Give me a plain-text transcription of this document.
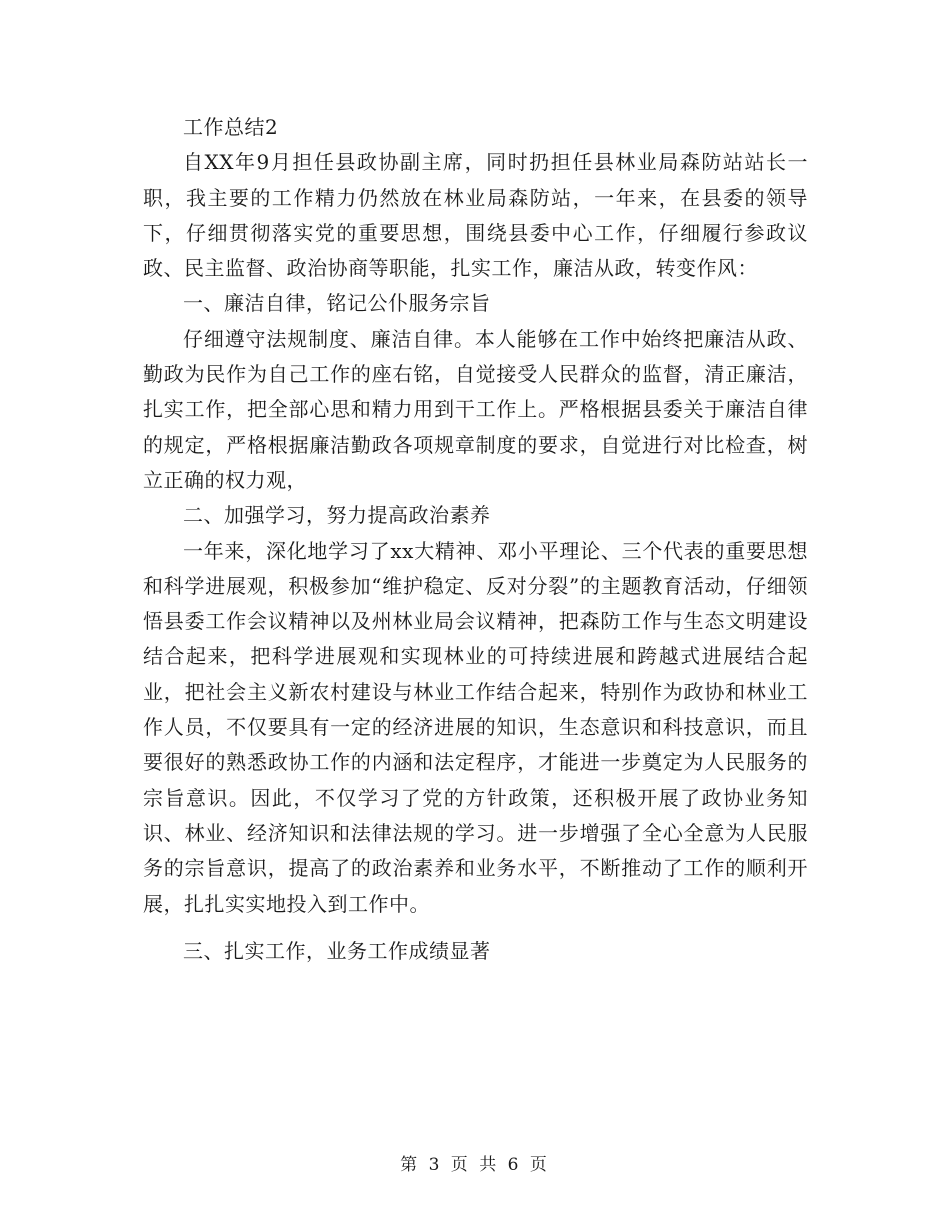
工作总结2

自XX年9月担任县政协副主席，同时扔担任县林业局森防站站长一职，我主要的工作精力仍然放在林业局森防站，一年来，在县委的领导下，仔细贯彻落实党的重要思想，围绕县委中心工作，仔细履行参政议政、民主监督、政治协商等职能，扎实工作，廉洁从政，转变作风：

一、廉洁自律，铭记公仆服务宗旨

仔细遵守法规制度、廉洁自律。本人能够在工作中始终把廉洁从政、勤政为民作为自己工作的座右铭，自觉接受人民群众的监督，清正廉洁，扎实工作，把全部心思和精力用到干工作上。严格根据县委关于廉洁自律的规定，严格根据廉洁勤政各项规章制度的要求，自觉进行对比检查，树立正确的权力观，

二、加强学习，努力提高政治素养

一年来，深化地学习了xx大精神、邓小平理论、三个代表的重要思想和科学进展观，积极参加“维护稳定、反对分裂”的主题教育活动，仔细领悟县委工作会议精神以及州林业局会议精神，把森防工作与生态文明建设结合起来，把科学进展观和实现林业的可持续进展和跨越式进展结合起业，把社会主义新农村建设与林业工作结合起来，特别作为政协和林业工作人员，不仅要具有一定的经济进展的知识，生态意识和科技意识，而且要很好的熟悉政协工作的内涵和法定程序，才能进一步奠定为人民服务的宗旨意识。因此，不仅学习了党的方针政策，还积极开展了政协业务知识、林业、经济知识和法律法规的学习。进一步增强了全心全意为人民服务的宗旨意识，提高了的政治素养和业务水平，不断推动了工作的顺利开展，扎扎实实地投入到工作中。

三、扎实工作，业务工作成绩显著

第 3 页 共 6 页
